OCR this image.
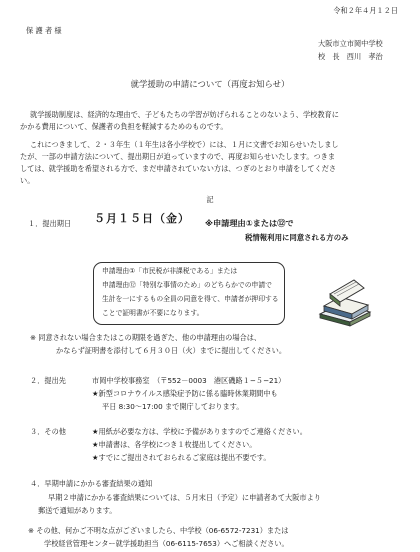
令和２年４月１２日
保 護 者 様
大阪市立市岡中学校
校　長　西川　孝治
就学援助の申請について（再度お知らせ）
就学援助制度は、経済的な理由で、子どもたちの学習が妨げられることのないよう、学校教育に
かかる費用について、保護者の負担を軽減するためのものです。
これにつきまして、２・３年生（１年生は各小学校で）には、１月に文書でお知らせいたしまし
たが、一部の申請方法について、提出期日が迫っていますので、再度お知らせいたします。つきま
しては、就学援助を希望される方で、まだ申請されていない方は、つぎのとおり申請をしてくださ
い。
記
１．提出期日 ５月１５日（金） ※申請理由①または⑫で
税情報利用に同意される方のみ
申請理由①「市民税が非課税である」または
申請理由⑫「特別な事情のため」のどちらかでの申請で
生計を一にするもの全員の同意を得て、申請者が押印する
ことで証明書が不要になります。
※ 同意されない場合またはこの期限を過ぎた、他の申請理由の場合は、
かならず証明書を添付して６月３０日（火）までに提出してください。
２．提出先	市岡中学校事務室　（〒552－0003　港区磯路１−５−21）
★新型コロナウイルス感染症予防に係る臨時休業期間中も
平日 8:30～17:00 まで開庁しております。
３．その他	★用紙が必要な方は、学校に予備がありますのでご連絡ください。
★申請書は、各学校につき１枚提出してください。
★すでにご提出されておられるご家庭は提出不要です。
４．早期申請にかかる審査結果の通知
早期２申請にかかる審査結果については、５月末日（予定）に申請者あて大阪市より
郵送で通知があります。
※ その他、何かご不明な点がございましたら、中学校（06-6572-7231）または
学校経営管理センター就学援助担当（06-6115-7653）へご相談ください。
